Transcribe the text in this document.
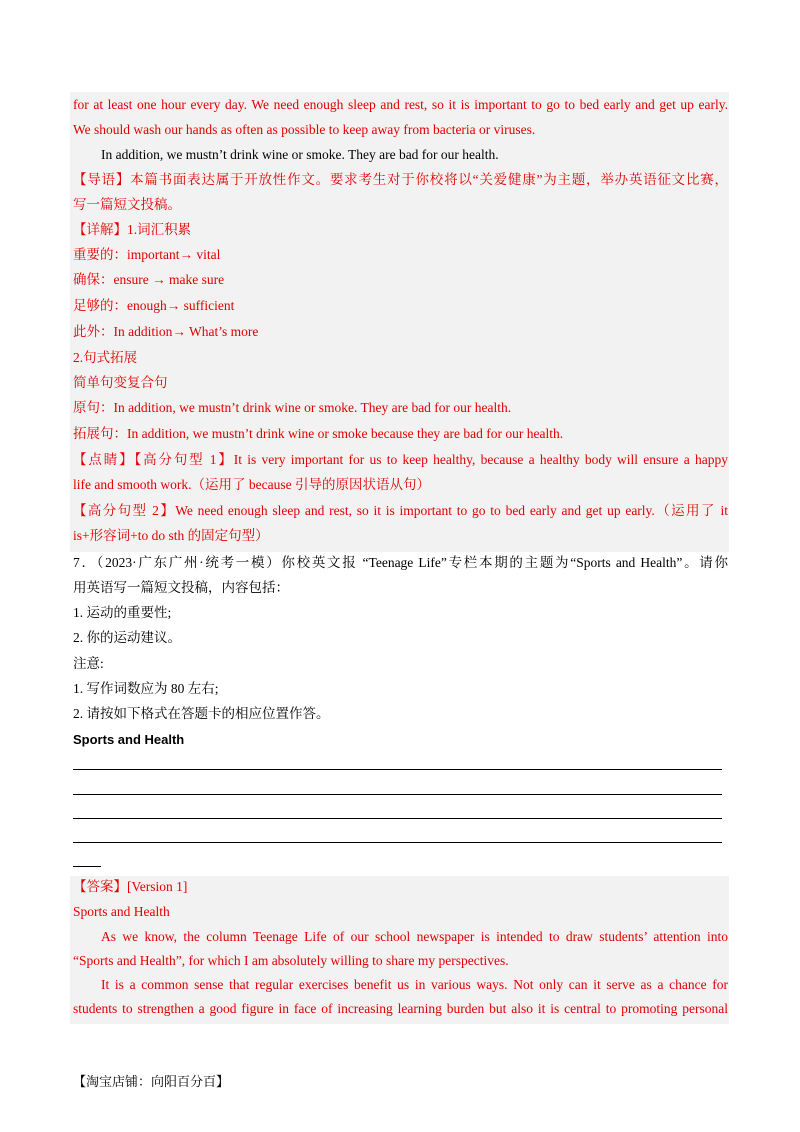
for at least one hour every day. We need enough sleep and rest, so it is important to go to bed early and get up early.
We should wash our hands as often as possible to keep away from bacteria or viruses.
In addition, we mustn’t drink wine or smoke. They are bad for our health.
【导语】本篇书面表达属于开放性作文。要求考生对于你校将以“关爱健康”为主题，举办英语征文比赛，
写一篇短文投稿。
【详解】1.词汇积累
重要的：important→ vital
确保：ensure → make sure
足够的：enough→ sufficient
此外：In addition→ What’s more
2.句式拓展
简单句变复合句
原句：In addition, we mustn’t drink wine or smoke. They are bad for our health.
拓展句：In addition, we mustn’t drink wine or smoke because they are bad for our health.
【点睛】【高分句型 1】It is very important for us to keep healthy, because a healthy body will ensure a happy
life and smooth work.（运用了 because 引导的原因状语从句）
【高分句型 2】We need enough sleep and rest, so it is important to go to bed early and get up early.（运用了 it
is+形容词+to do sth 的固定句型）
7．（2023·广东广州·统考一模）你校英文报 “Teenage Life”专栏本期的主题为“Sports and Health”。请你
用英语写一篇短文投稿，内容包括：
1. 运动的重要性;
2. 你的运动建议。
注意:
1. 写作词数应为 80 左右;
2. 请按如下格式在答题卡的相应位置作答。
Sports and Health
【答案】[Version 1]
Sports and Health
As we know, the column Teenage Life of our school newspaper is intended to draw students’ attention into
“Sports and Health”, for which I am absolutely willing to share my perspectives.
It is a common sense that regular exercises benefit us in various ways. Not only can it serve as a chance for
students to strengthen a good figure in face of increasing learning burden but also it is central to promoting personal
【淘宝店铺：向阳百分百】
